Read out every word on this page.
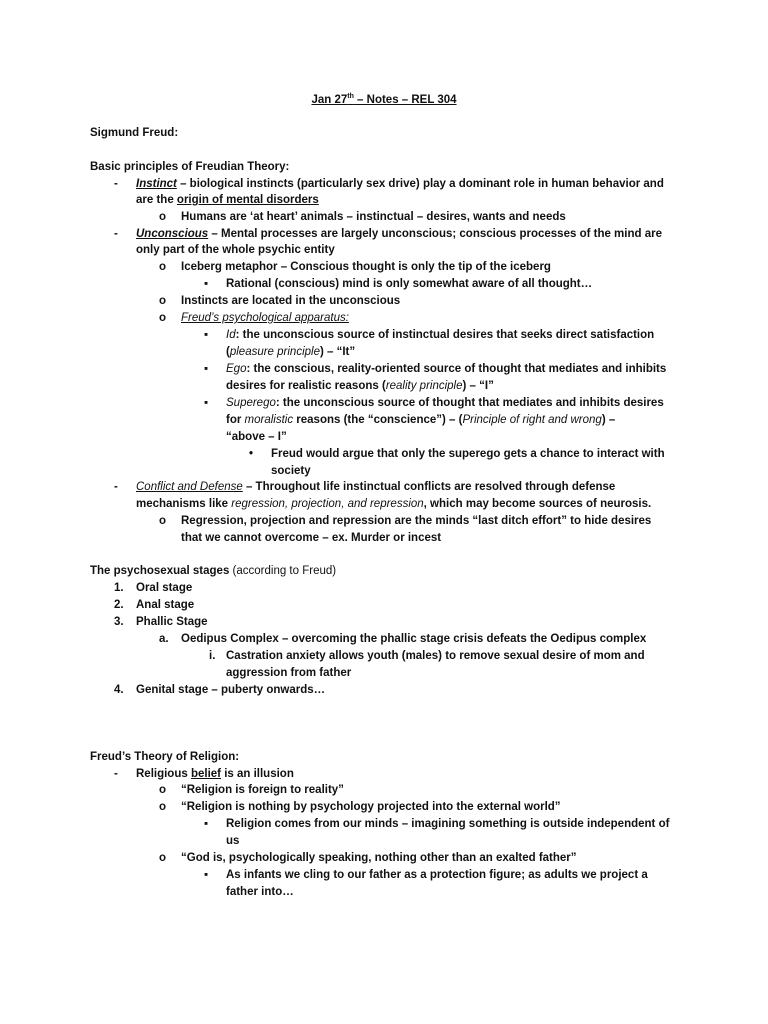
Jan 27th – Notes – REL 304
Sigmund Freud:
Basic principles of Freudian Theory:
- Instinct – biological instincts (particularly sex drive) play a dominant role in human behavior and
are the origin of mental disorders
o Humans are ‘at heart’ animals – instinctual – desires, wants and needs
- Unconscious – Mental processes are largely unconscious; conscious processes of the mind are
only part of the whole psychic entity
o Iceberg metaphor – Conscious thought is only the tip of the iceberg
▪ Rational (conscious) mind is only somewhat aware of all thought…
o Instincts are located in the unconscious
o Freud’s psychological apparatus:
▪ Id: the unconscious source of instinctual desires that seeks direct satisfaction
(pleasure principle) – “It”
▪ Ego: the conscious, reality-oriented source of thought that mediates and inhibits
desires for realistic reasons (reality principle) – “I”
▪ Superego: the unconscious source of thought that mediates and inhibits desires
for moralistic reasons (the “conscience”) – (Principle of right and wrong) –
“above – I”
• Freud would argue that only the superego gets a chance to interact with
society
- Conflict and Defense – Throughout life instinctual conflicts are resolved through defense
mechanisms like regression, projection, and repression, which may become sources of neurosis.
o Regression, projection and repression are the minds “last ditch effort” to hide desires
that we cannot overcome – ex. Murder or incest
The psychosexual stages (according to Freud)
1. Oral stage
2. Anal stage
3. Phallic Stage
a. Oedipus Complex – overcoming the phallic stage crisis defeats the Oedipus complex
i. Castration anxiety allows youth (males) to remove sexual desire of mom and
aggression from father
4. Genital stage – puberty onwards…
Freud’s Theory of Religion:
- Religious belief is an illusion
o “Religion is foreign to reality”
o “Religion is nothing by psychology projected into the external world”
▪ Religion comes from our minds – imagining something is outside independent of
us
o “God is, psychologically speaking, nothing other than an exalted father”
▪ As infants we cling to our father as a protection figure; as adults we project a
father into…
